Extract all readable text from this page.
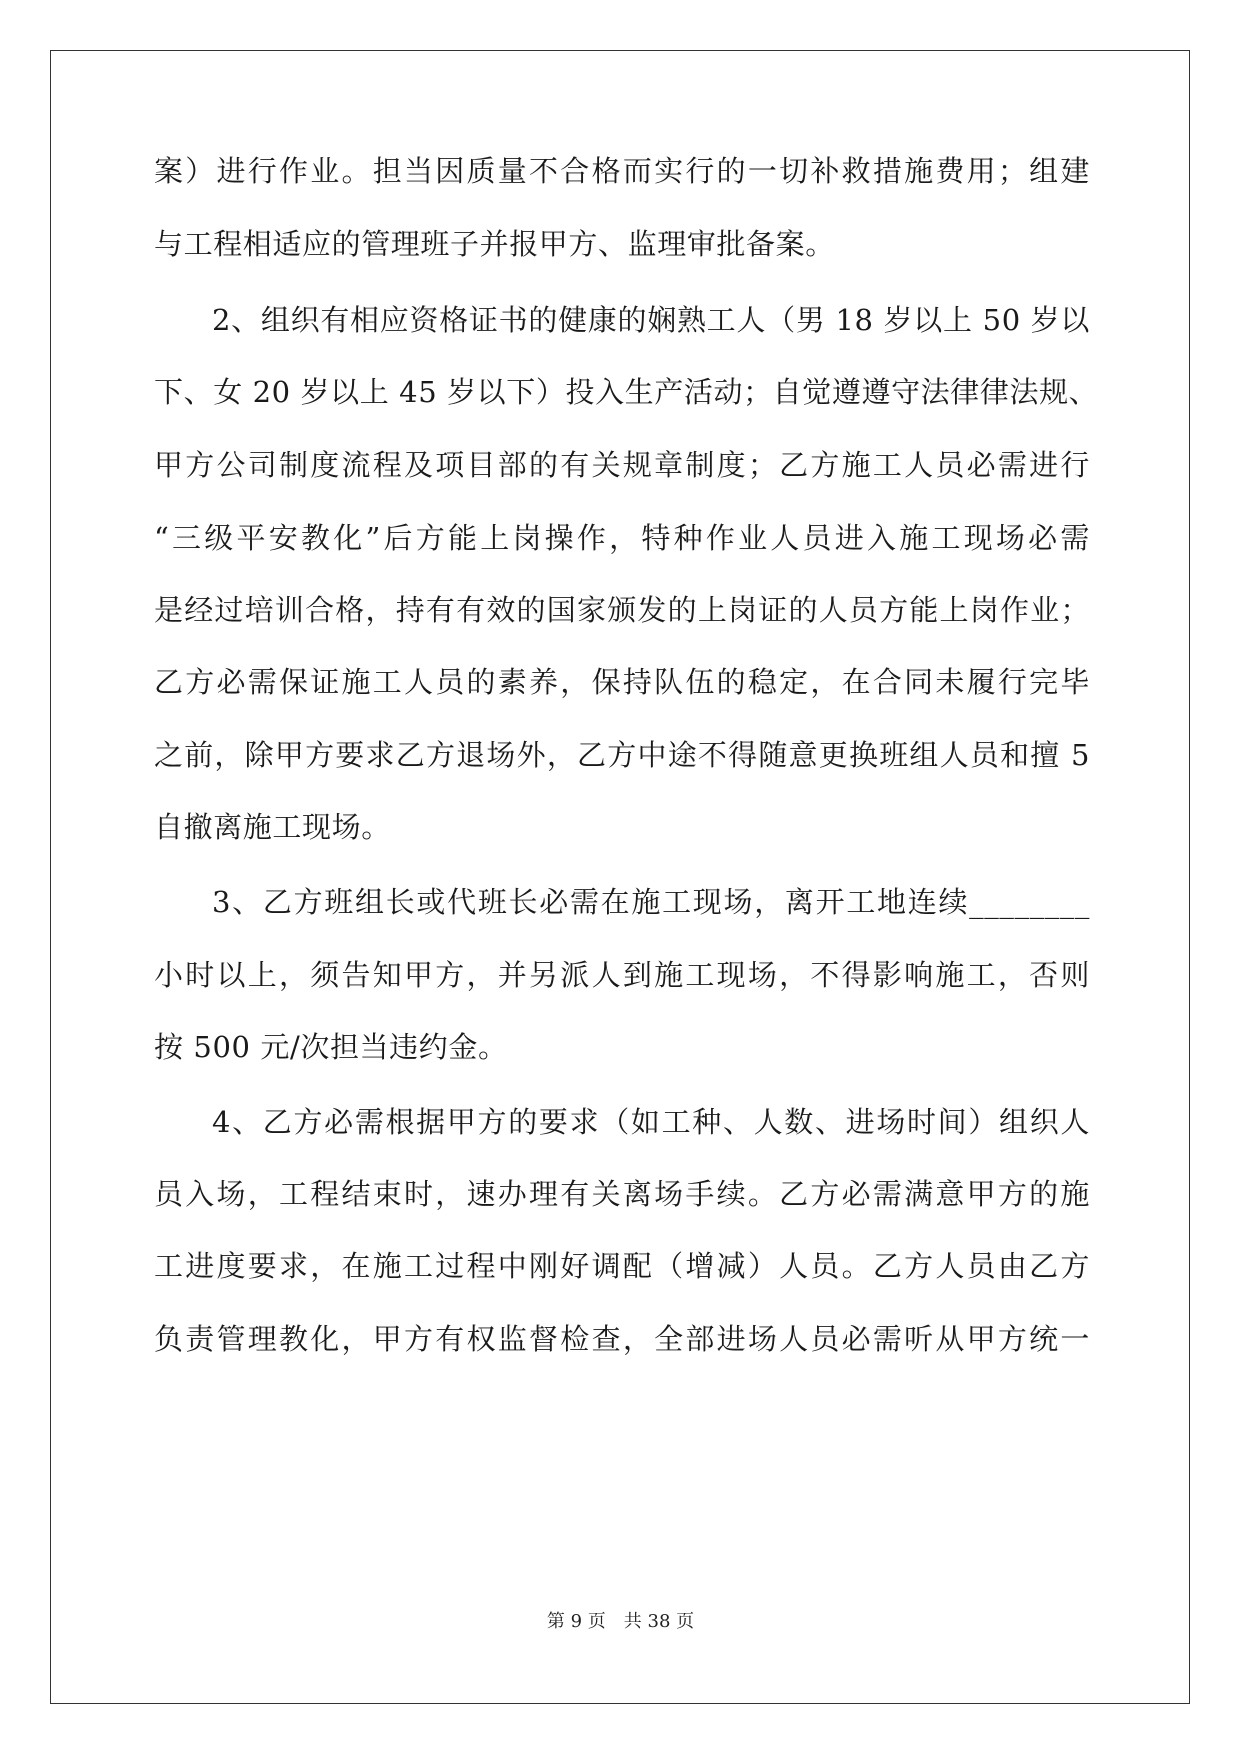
案）进行作业。担当因质量不合格而实行的一切补救措施费用；组建
与工程相适应的管理班子并报甲方、监理审批备案。
2、组织有相应资格证书的健康的娴熟工人（男 18 岁以上 50 岁以
下、女 20 岁以上 45 岁以下）投入生产活动；自觉遵遵守法律律法规、
甲方公司制度流程及项目部的有关规章制度；乙方施工人员必需进行
“三级平安教化”后方能上岗操作，特种作业人员进入施工现场必需
是经过培训合格，持有有效的国家颁发的上岗证的人员方能上岗作业；
乙方必需保证施工人员的素养，保持队伍的稳定，在合同未履行完毕
之前，除甲方要求乙方退场外，乙方中途不得随意更换班组人员和擅 5
自撤离施工现场。
3、乙方班组长或代班长必需在施工现场，离开工地连续________
小时以上，须告知甲方，并另派人到施工现场，不得影响施工，否则
按 500 元/次担当违约金。
4、乙方必需根据甲方的要求（如工种、人数、进场时间）组织人
员入场，工程结束时，速办理有关离场手续。乙方必需满意甲方的施
工进度要求，在施工过程中刚好调配（增减）人员。乙方人员由乙方
负责管理教化，甲方有权监督检查，全部进场人员必需听从甲方统一
第 9 页 共 38 页
